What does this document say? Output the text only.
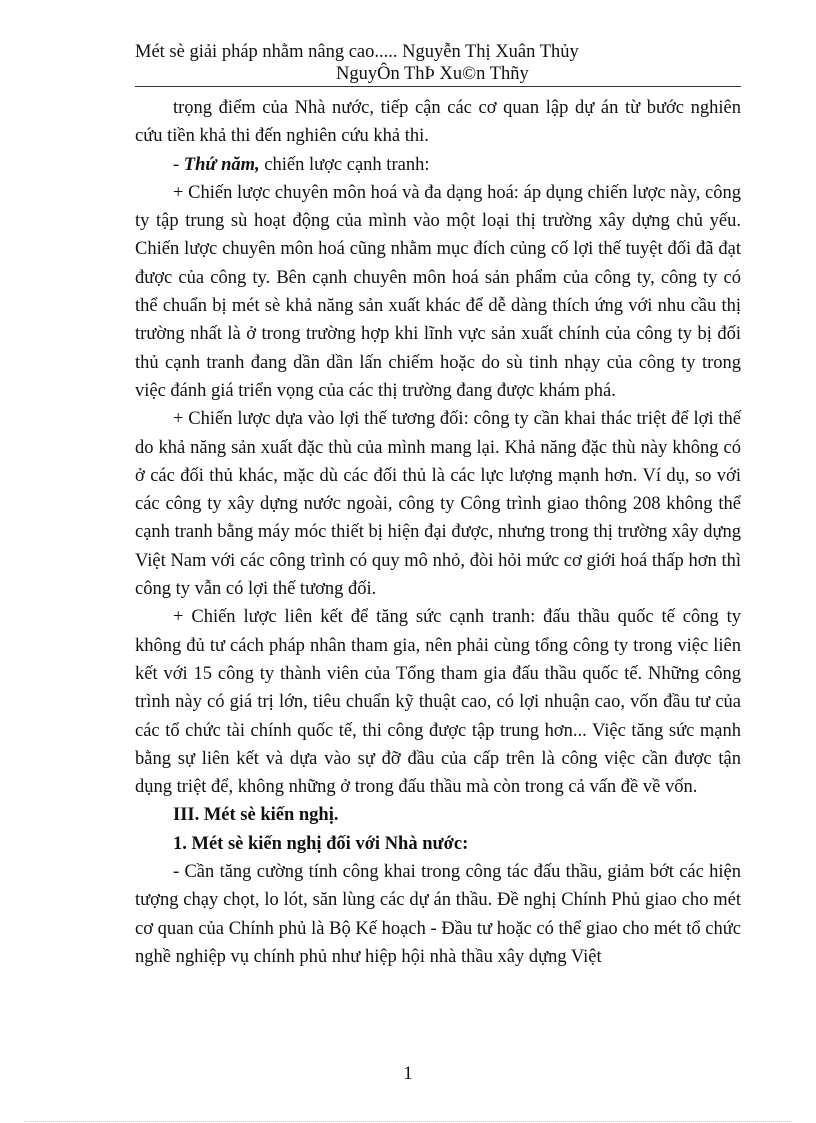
Mét sè giải pháp nhằm nâng cao..... Nguyễn Thị Xuân Thủy
NguyÔn ThÞ Xu©n Thñy

trọng điểm của Nhà nước, tiếp cận các cơ quan lập dự án từ bước nghiên cứu tiền khả thi đến nghiên cứu khả thi.

- Thứ năm, chiến lược cạnh tranh:

+ Chiến lược chuyên môn hoá và đa dạng hoá: áp dụng chiến lược này, công ty tập trung sù hoạt động của mình vào một loại thị trường xây dựng chủ yếu. Chiến lược chuyên môn hoá cũng nhằm mục đích củng cố lợi thế tuyệt đối đã đạt được của công ty. Bên cạnh chuyên môn hoá sản phẩm của công ty, công ty có thể chuẩn bị mét sè khả năng sản xuất khác để dễ dàng thích ứng với nhu cầu thị trường nhất là ở trong trường hợp khi lĩnh vực sản xuất chính của công ty bị đối thủ cạnh tranh đang dần dần lấn chiếm hoặc do sù tinh nhạy của công ty trong việc đánh giá triển vọng của các thị trường đang được khám phá.

+ Chiến lược dựa vào lợi thế tương đối: công ty cần khai thác triệt để lợi thế do khả năng sản xuất đặc thù của mình mang lại. Khả năng đặc thù này không có ở các đối thủ khác, mặc dù các đối thủ là các lực lượng mạnh hơn. Ví dụ, so với các công ty xây dựng nước ngoài, công ty Công trình giao thông 208 không thể cạnh tranh bằng máy móc thiết bị hiện đại được, nhưng trong thị trường xây dựng Việt Nam với các công trình có quy mô nhỏ, đòi hỏi mức cơ giới hoá thấp hơn thì công ty vẫn có lợi thế tương đối.

+ Chiến lược liên kết để tăng sức cạnh tranh: đấu thầu quốc tế công ty không đủ tư cách pháp nhân tham gia, nên phải cùng tổng công ty trong việc liên kết với 15 công ty thành viên của Tổng tham gia đấu thầu quốc tế. Những công trình này có giá trị lớn, tiêu chuẩn kỹ thuật cao, có lợi nhuận cao, vốn đầu tư của các tổ chức tài chính quốc tế, thi công được tập trung hơn... Việc tăng sức mạnh bằng sự liên kết và dựa vào sự đỡ đầu của cấp trên là công việc cần được tận dụng triệt để, không những ở trong đấu thầu mà còn trong cả vấn đề về vốn.

III. Mét sè kiến nghị.

1. Mét sè kiến nghị đối với Nhà nước:

- Cần tăng cường tính công khai trong công tác đấu thầu, giảm bớt các hiện tượng chạy chọt, lo lót, săn lùng các dự án thầu. Đề nghị Chính Phủ giao cho mét cơ quan của Chính phủ là Bộ Kế hoạch - Đầu tư hoặc có thể giao cho mét tổ chức nghề nghiệp vụ chính phủ như hiệp hội nhà thầu xây dựng Việt

1
